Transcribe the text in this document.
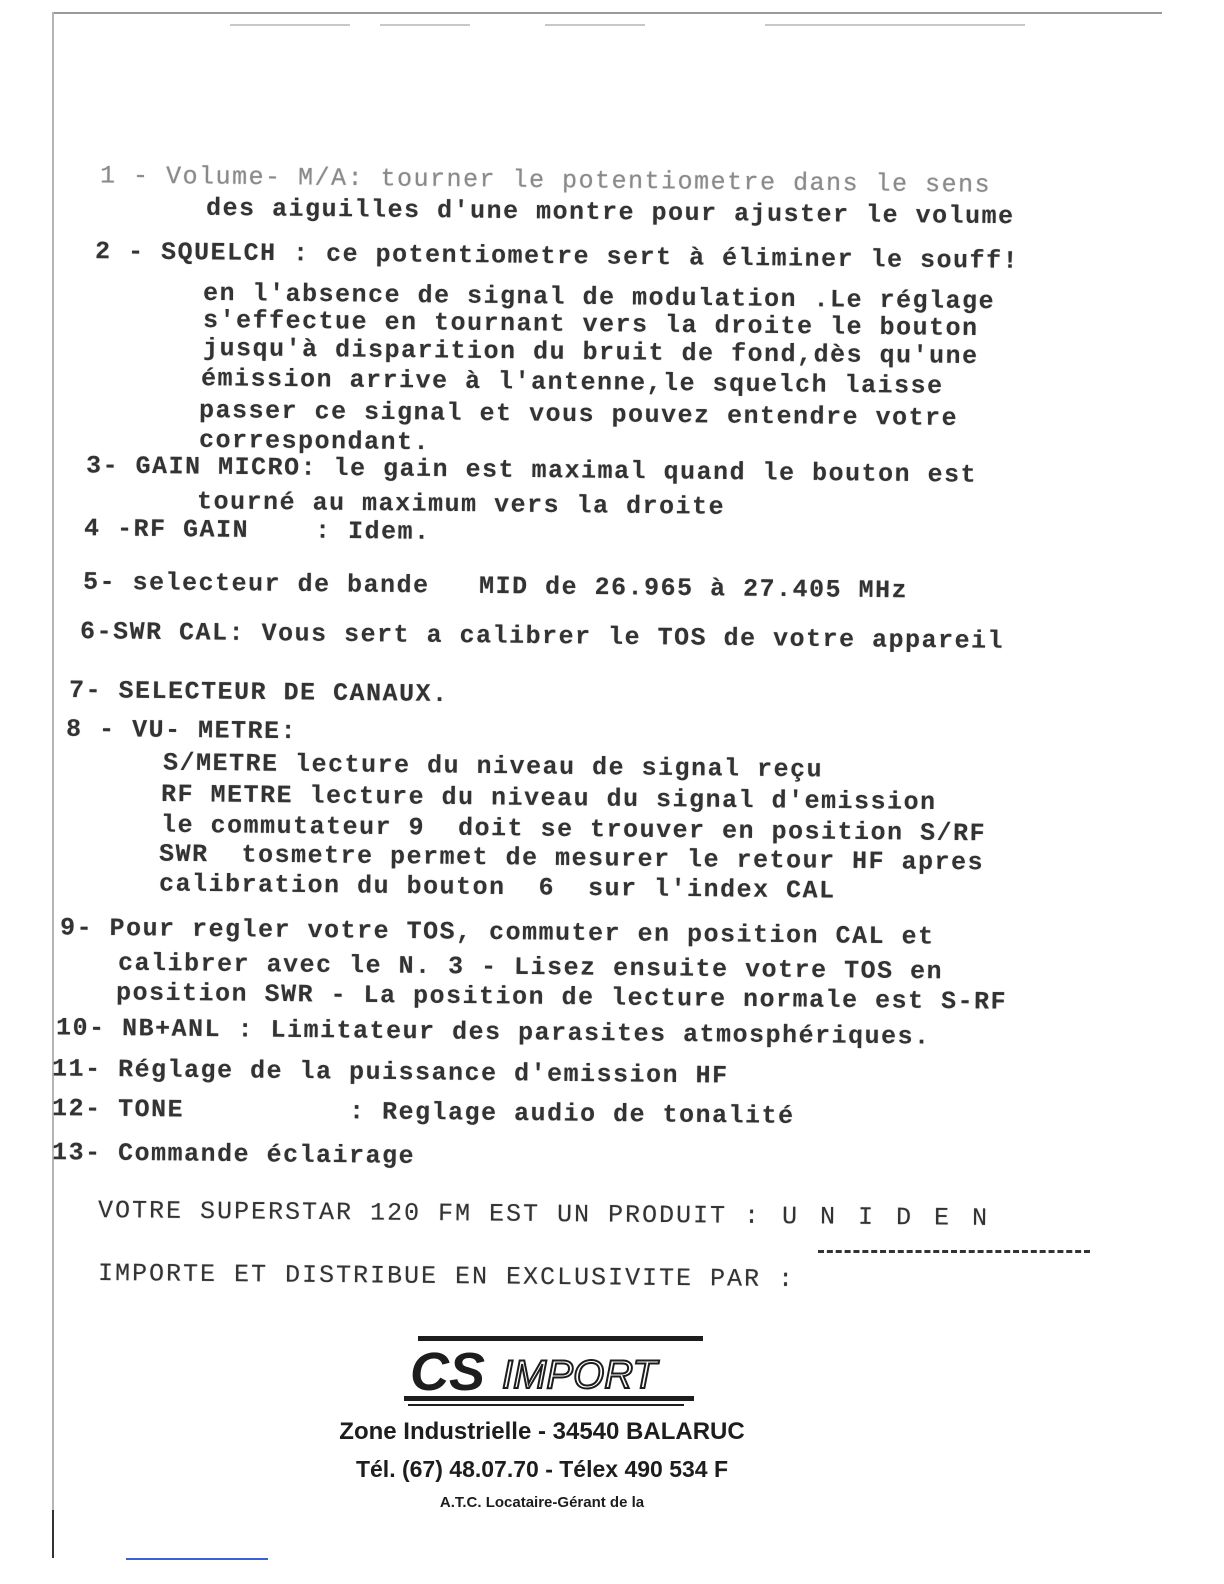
1 - Volume- M/A: tourner le potentiometre dans le sens
des aiguilles d'une montre pour ajuster le volume
2 - SQUELCH : ce potentiometre sert à éliminer le souff!
en l'absence de signal de modulation .Le réglage
s'effectue en tournant vers la droite le bouton
jusqu'à disparition du bruit de fond,dès qu'une
émission arrive à l'antenne,le squelch laisse
passer ce signal et vous pouvez entendre votre
correspondant.
3- GAIN MICRO: le gain est maximal quand le bouton est
tourné au maximum vers la droite
4 -RF GAIN    : Idem.
5- selecteur de bande   MID de 26.965 à 27.405 MHz
6-SWR CAL: Vous sert a calibrer le TOS de votre appareil
7- SELECTEUR DE CANAUX.
8 - VU- METRE:
S/METRE lecture du niveau de signal reçu
RF METRE lecture du niveau du signal d'emission
le commutateur 9  doit se trouver en position S/RF
SWR  tosmetre permet de mesurer le retour HF apres
calibration du bouton  6  sur l'index CAL
9- Pour regler votre TOS, commuter en position CAL et
calibrer avec le N. 3 - Lisez ensuite votre TOS en
position SWR - La position de lecture normale est S-RF
10- NB+ANL : Limitateur des parasites atmosphériques.
11- Réglage de la puissance d'emission HF
12- TONE          : Reglage audio de tonalité
13- Commande éclairage
VOTRE SUPERSTAR 120 FM EST UN PRODUIT : U N I D E N
IMPORTE ET DISTRIBUE EN EXCLUSIVITE PAR :
CS IMPORT
Zone Industrielle - 34540 BALARUC
Tél. (67) 48.07.70 - Télex 490 534 F
A.T.C. Locataire-Gérant de la
